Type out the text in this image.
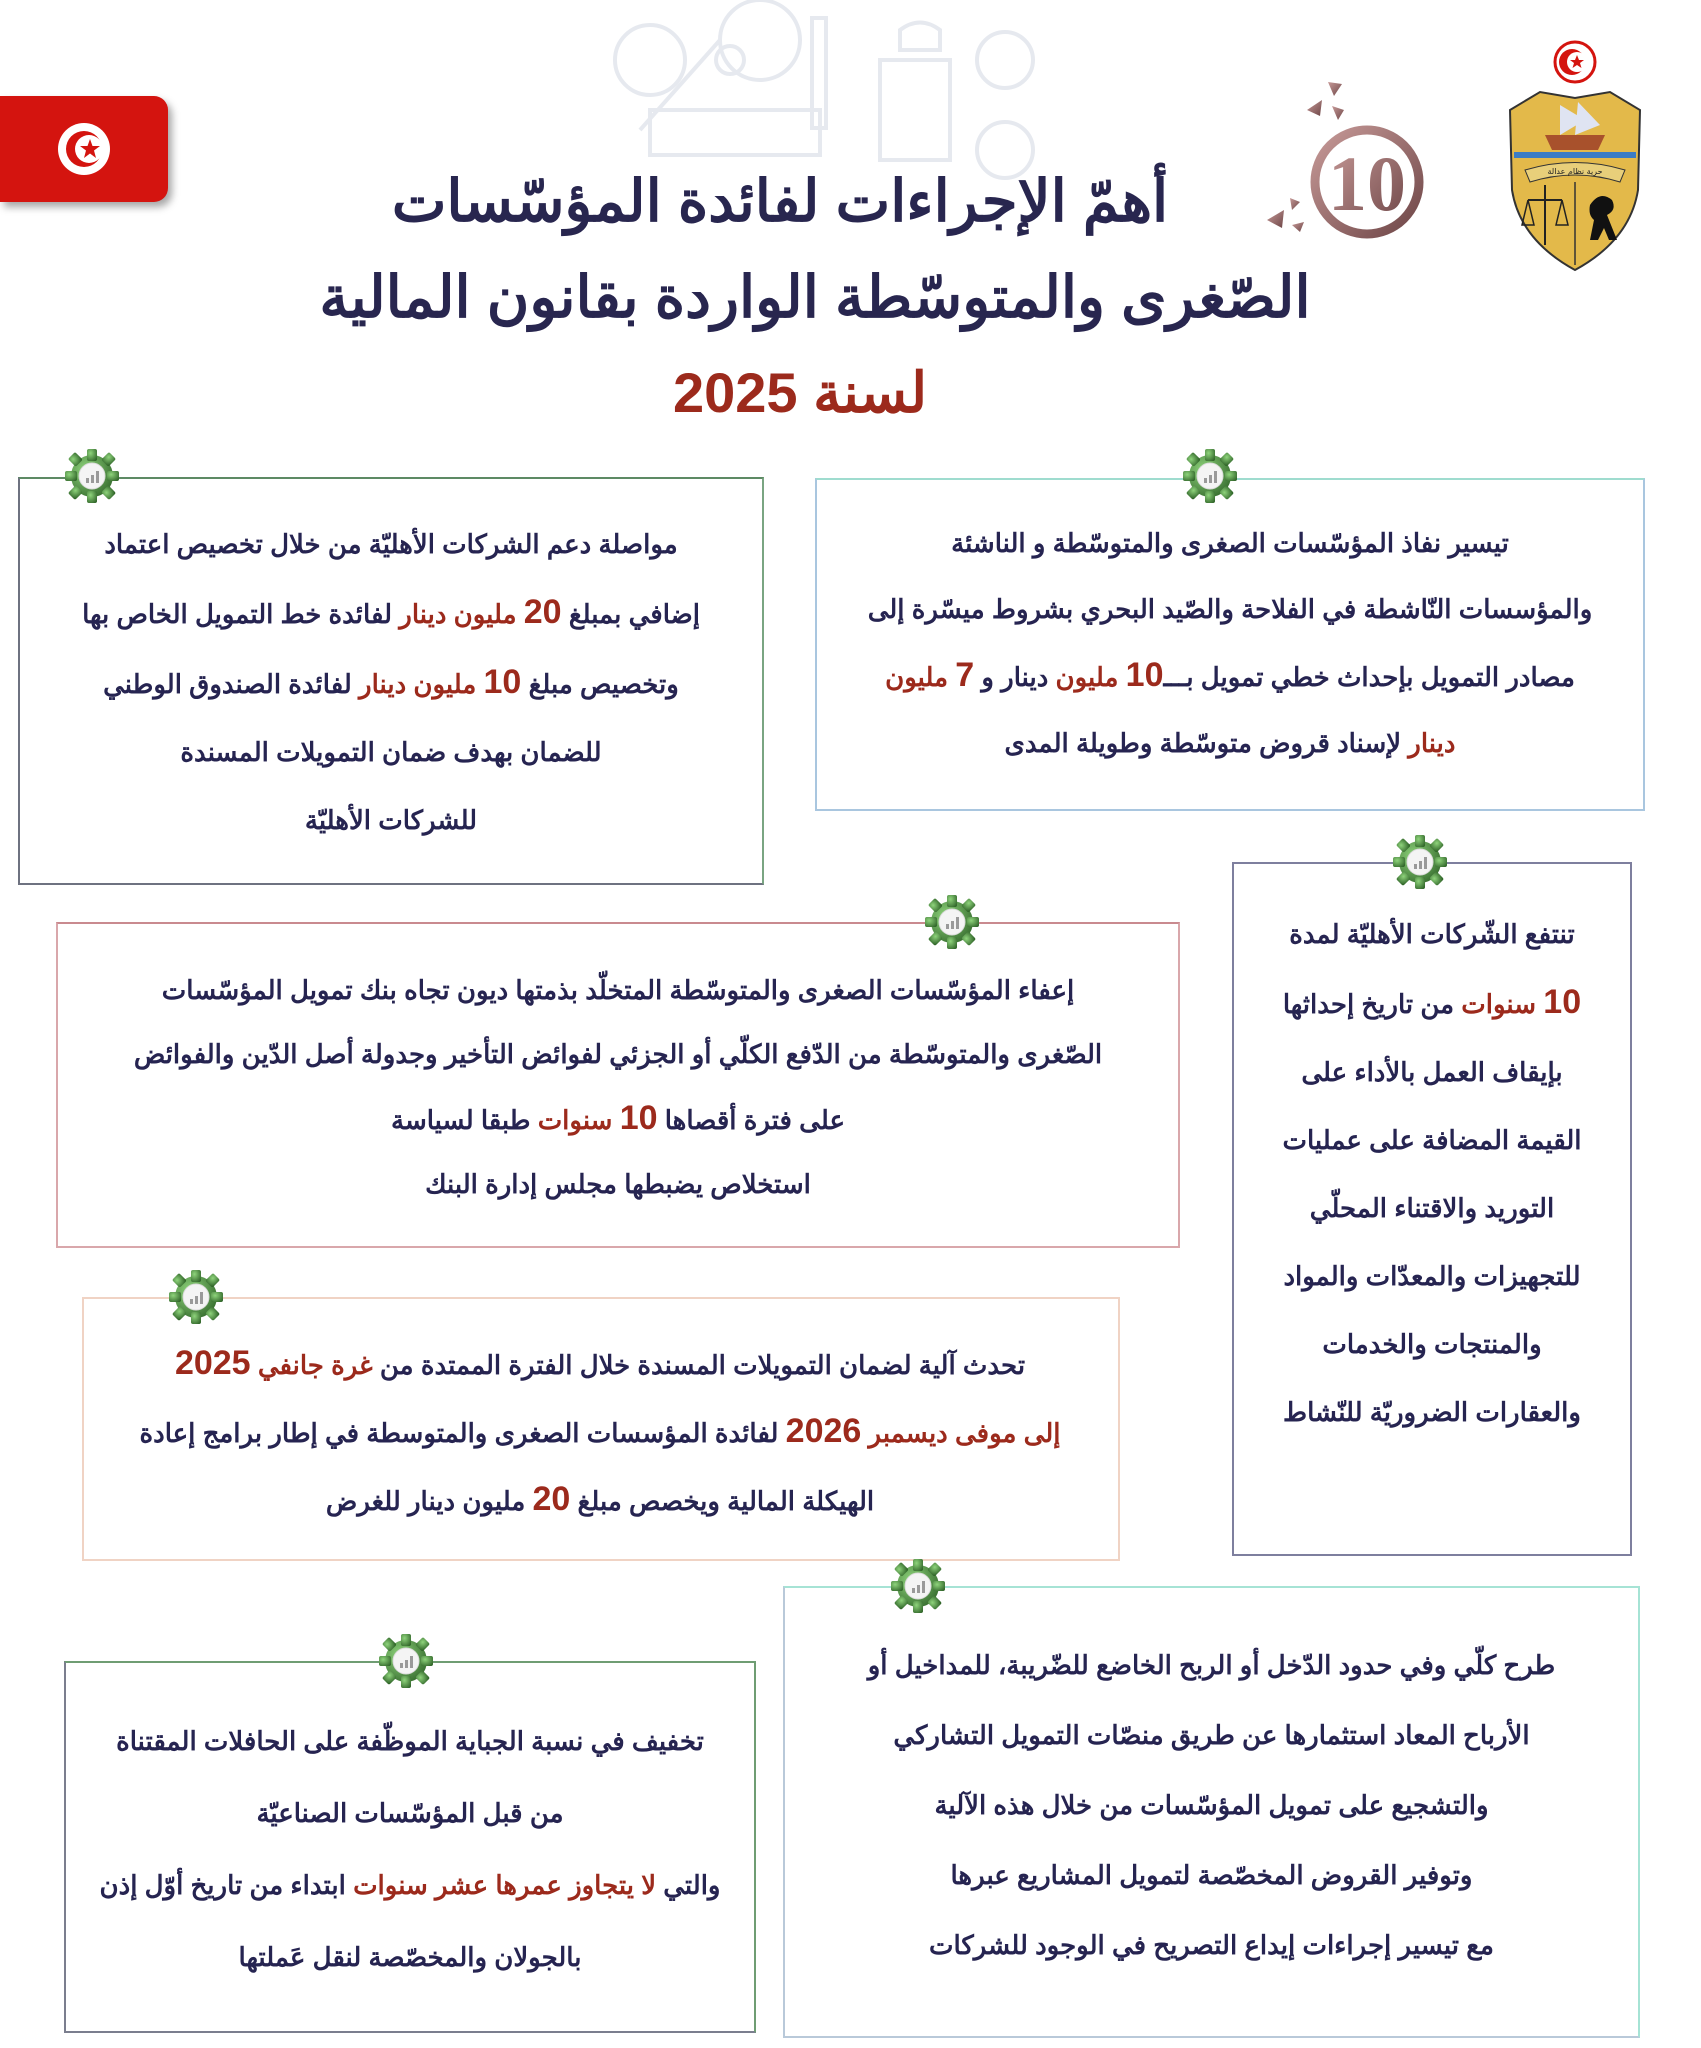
حرية نظام عدالة
10
أهمّ الإجراءات لفائدة المؤسّسات
الصّغرى والمتوسّطة الواردة بقانون المالية
لسنة 2025
تيسير نفاذ المؤسّسات الصغرى والمتوسّطة و الناشئة
والمؤسسات النّاشطة في الفلاحة والصّيد البحري بشروط ميسّرة إلى
مصادر التمويل بإحداث خطي تمويل بـــ10 مليون دينار و 7 مليون
دينار لإسناد قروض متوسّطة وطويلة المدى
مواصلة دعم الشركات الأهليّة من خلال تخصيص اعتماد
إضافي بمبلغ 20 مليون دينار لفائدة خط التمويل الخاص بها
وتخصيص مبلغ 10 مليون دينار لفائدة الصندوق الوطني
للضمان بهدف ضمان التمويلات المسندة
للشركات الأهليّة
تنتفع الشّركات الأهليّة لمدة
10 سنوات من تاريخ إحداثها
بإيقاف العمل بالأداء على
القيمة المضافة على عمليات
التوريد والاقتناء المحلّي
للتجهيزات والمعدّات والمواد
والمنتجات والخدمات
والعقارات الضروريّة للنّشاط
إعفاء المؤسّسات الصغرى والمتوسّطة المتخلّد بذمتها ديون تجاه بنك تمويل المؤسّسات
الصّغرى والمتوسّطة من الدّفع الكلّي أو الجزئي لفوائض التأخير وجدولة أصل الدّين والفوائض
على فترة أقصاها 10 سنوات طبقا لسياسة
استخلاص يضبطها مجلس إدارة البنك
تحدث آلية لضمان التمويلات المسندة خلال الفترة الممتدة من غرة جانفي 2025
إلى موفى ديسمبر 2026 لفائدة المؤسسات الصغرى والمتوسطة في إطار برامج إعادة
الهيكلة المالية ويخصص مبلغ 20 مليون دينار للغرض
طرح كلّي وفي حدود الدّخل أو الربح الخاضع للضّريبة، للمداخيل أو
الأرباح المعاد استثمارها عن طريق منصّات التمويل التشاركي
والتشجيع على تمويل المؤسّسات من خلال هذه الآلية
وتوفير القروض المخصّصة لتمويل المشاريع عبرها
مع تيسير إجراءات إيداع التصريح في الوجود للشركات
تخفيف في نسبة الجباية الموظّفة على الحافلات المقتناة
من قبل المؤسّسات الصناعيّة
والتي لا يتجاوز عمرها عشر سنوات ابتداء من تاريخ أوّل إذن
بالجولان والمخصّصة لنقل عَملتها
